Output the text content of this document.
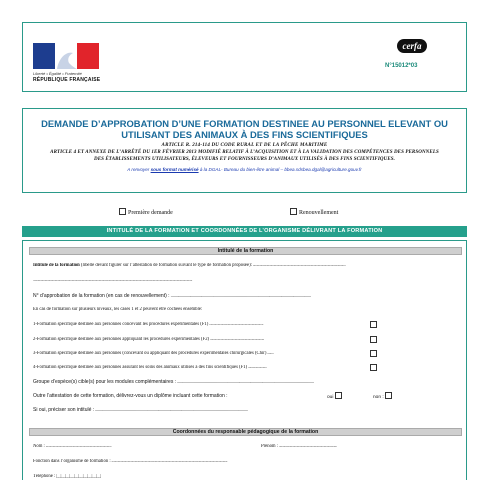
Liberté • Égalité • Fraternité
RÉPUBLIQUE FRANÇAISE
cerfa
N°15012*03
DEMANDE D’APPROBATION D’UNE FORMATION DESTINEE AU PERSONNEL ELEVANT OU UTILISANT DES ANIMAUX À DES FINS SCIENTIFIQUES
ARTICLE R. 214-114 DU CODE RURAL ET DE LA PÊCHE MARITIME
ARTICLE 4 ET ANNEXE DE L’ARRÊTÉ DU 1ER FÉVRIER 2013 MODIFIÉ RELATIF À L’ACQUISITION ET À LA VALIDATION DES COMPÉTENCES DES PERSONNELS DES ÉTABLISSEMENTS UTILISATEURS, ÉLEVEURS ET FOURNISSEURS D’ANIMAUX UTILISÉS À DES FINS SCIENTIFIQUES.
A renvoyer sous format numérisé à la DGAL- Bureau du bien-être animal – bbea.sdsbea.dgal@agriculture.gouv.fr
Première demande	Renouvellement
INTITULÉ DE LA FORMATION ET COORDONNÉES DE L’ORGANISME DÉLIVRANT LA FORMATION
Intitulé de la formation
Intitulé de la formation (libellé devant figurer sur l’attestation de formation suivant le type de formation proposée): ........................................................................................................................
..............................................................................................................................................................................................................
N° d’approbation de la formation (en cas de renouvellement) : ..............................................................................................................................................
En cas de formation sur plusieurs niveaux, les cases 1 et 2 peuvent être cochées ensemble:
1-Formation spécifique destinée aux personnes concevant les procédures expérimentales (F1) ......................................................................
2-Formation spécifique destinée aux personnes appliquant les procédures expérimentales (F2) ......................................................................
3-Formation spécifique destinée aux personnes (concevant ou appliquant des procédures expérimentales chirurgicales (Chir) ........
4-Formation spécifique destinée aux personnes assurant les soins des animaux utilisés à des fins scientifiques (F1) ........................
Groupe d’espèce(s) cible(s) pour les modules complémentaires : ..........................................................................................................................................
Outre l’attestation de cette formation, délivrez-vous un diplôme incluant cette formation :	oui	non :
Si oui, préciser son intitulé : ..........................................................................................................................................................
Coordonnées du responsable pédagogique de la formation
Nom : .....................................................................................	Prénom : ...........................................................................
Fonction dans l’organisme de formation : ......................................................................................................................................................
Téléphone : |__|__|__|__|__|__|__|__|__|__|
